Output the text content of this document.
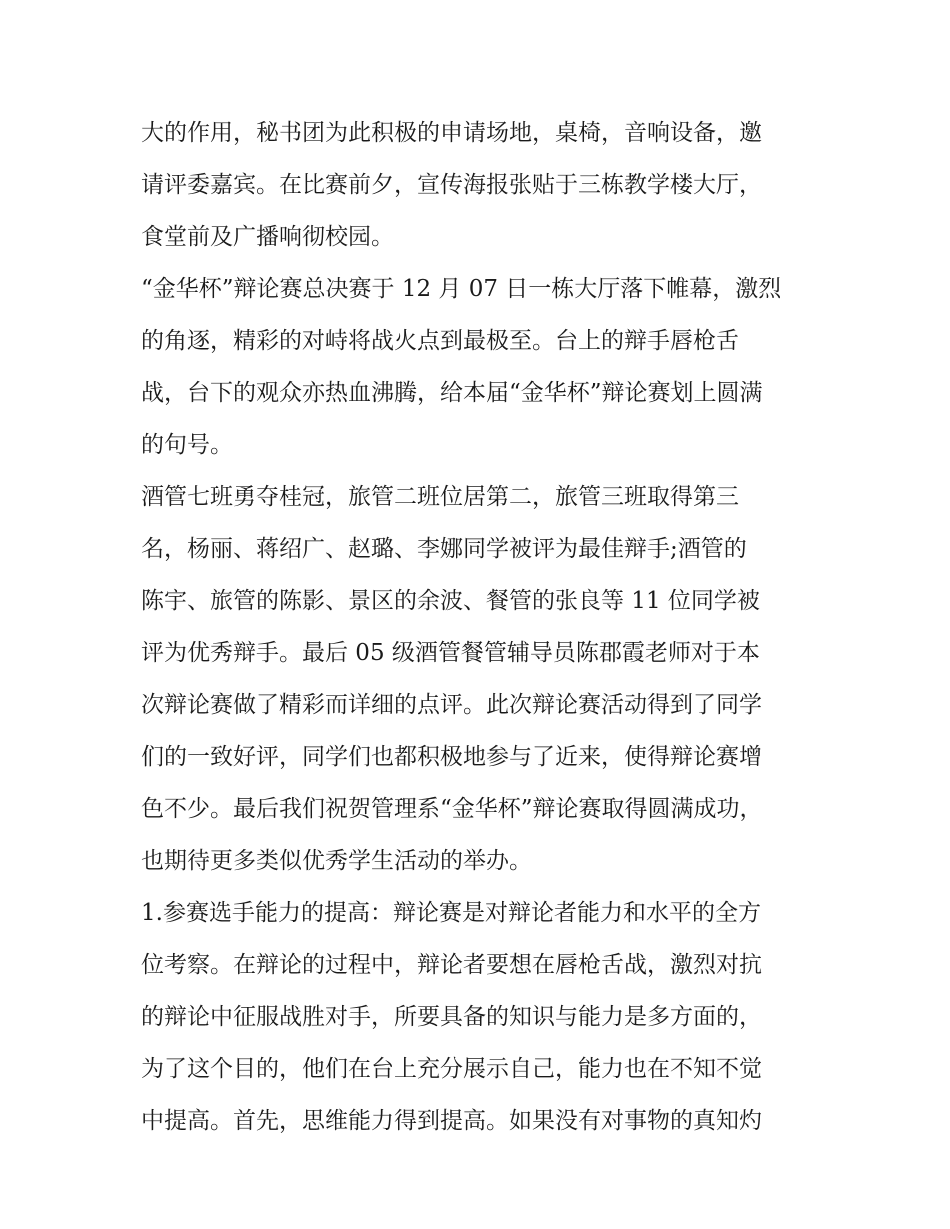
大的作用，秘书团为此积极的申请场地，桌椅，音响设备，邀

请评委嘉宾。在比赛前夕，宣传海报张贴于三栋教学楼大厅，

食堂前及广播响彻校园。

“金华杯”辩论赛总决赛于 12 月 07 日一栋大厅落下帷幕，激烈

的角逐，精彩的对峙将战火点到最极至。台上的辩手唇枪舌

战，台下的观众亦热血沸腾，给本届“金华杯”辩论赛划上圆满

的句号。

酒管七班勇夺桂冠，旅管二班位居第二，旅管三班取得第三

名，杨丽、蒋绍广、赵璐、李娜同学被评为最佳辩手;酒管的

陈宇、旅管的陈影、景区的余波、餐管的张良等 11 位同学被

评为优秀辩手。最后 05 级酒管餐管辅导员陈郡霞老师对于本

次辩论赛做了精彩而详细的点评。此次辩论赛活动得到了同学

们的一致好评，同学们也都积极地参与了近来，使得辩论赛增

色不少。最后我们祝贺管理系“金华杯”辩论赛取得圆满成功，

也期待更多类似优秀学生活动的举办。

1.参赛选手能力的提高：辩论赛是对辩论者能力和水平的全方

位考察。在辩论的过程中，辩论者要想在唇枪舌战，激烈对抗

的辩论中征服战胜对手，所要具备的知识与能力是多方面的，

为了这个目的，他们在台上充分展示自己，能力也在不知不觉

中提高。首先，思维能力得到提高。如果没有对事物的真知灼
